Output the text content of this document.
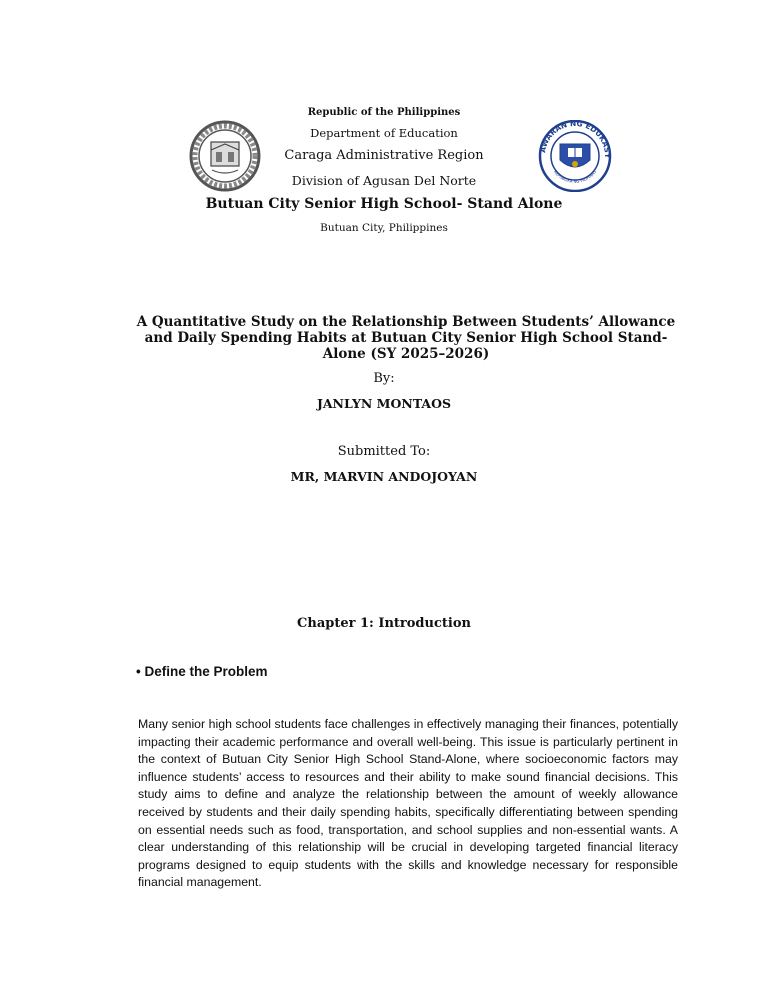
Republic of the Philippines
Department of Education
Caraga Administrative Region
Division of Agusan Del Norte
Butuan City Senior High School- Stand Alone
Butuan City, Philippines
AWARAN NG EDUKASY
REPUBLIKA NG PILIPINAS
A Quantitative Study on the Relationship Between Students’ Allowance and Daily Spending Habits at Butuan City Senior High School Stand-Alone (SY 2025–2026)
By:
JANLYN MONTAOS
Submitted To:
MR, MARVIN ANDOJOYAN
Chapter 1: Introduction
• Define the Problem

Many senior high school students face challenges in effectively managing their finances, potentially impacting their academic performance and overall well-being. This issue is particularly pertinent in the context of Butuan City Senior High School Stand-Alone, where socioeconomic factors may influence students’ access to resources and their ability to make sound financial decisions. This study aims to define and analyze the relationship between the amount of weekly allowance received by students and their daily spending habits, specifically differentiating between spending on essential needs such as food, transportation, and school supplies and non-essential wants. A clear understanding of this relationship will be crucial in developing targeted financial literacy programs designed to equip students with the skills and knowledge necessary for responsible financial management.
